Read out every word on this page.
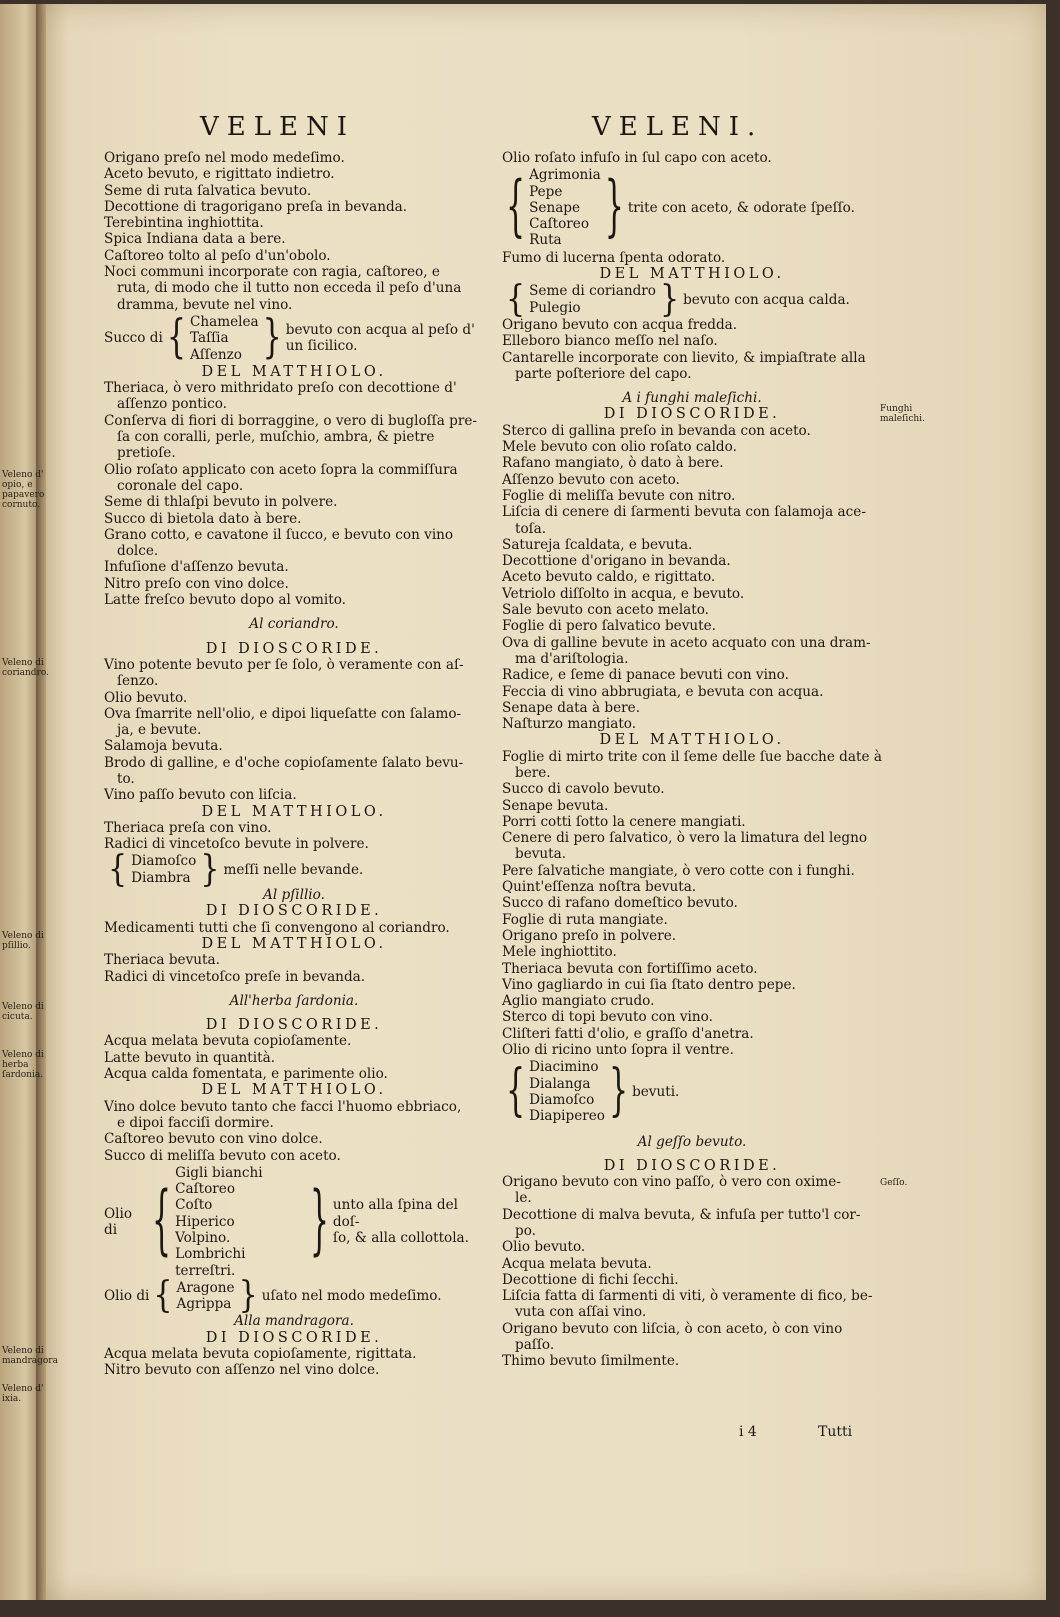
VELENI	VELENI.
Origano preſo nel modo medeſimo.
Aceto bevuto, e rigittato indietro.
Seme di ruta ſalvatica bevuto.
Decottione di tragorigano preſa in bevanda.
Terebintina inghiottita.
Spica Indiana data a bere.
Caſtoreo tolto al peſo d'un'obolo.
Noci communi incorporate con ragia, caſtoreo, e
ruta, di modo che il tutto non ecceda il peſo d'una
dramma, bevute nel vino.
Succo di { Chamelea
Taſſia
Aſſenzo } bevuto con acqua al peſo d'
un ſicilico.
DEL MATTHIOLO.
Theriaca, ò vero mithridato preſo con decottione d'
aſſenzo pontico.
Conſerva di fiori di borraggine, o vero di bugloſſa pre-
ſa con coralli, perle, muſchio, ambra, & pietre
pretioſe.
Olio roſato applicato con aceto ſopra la commiſſura
coronale del capo.
Seme di thlaſpi bevuto in polvere.
Succo di bietola dato à bere.
Grano cotto, e cavatone il ſucco, e bevuto con vino
dolce.
Infuſione d'aſſenzo bevuta.
Nitro preſo con vino dolce.
Latte freſco bevuto dopo al vomito.
Al coriandro.
DI DIOSCORIDE.
Vino potente bevuto per ſe ſolo, ò veramente con aſ-
ſenzo.
Olio bevuto.
Ova ſmarrite nell'olio, e dipoi liqueſatte con ſalamo-
ja, e bevute.
Salamoja bevuta.
Brodo di galline, e d'oche copioſamente ſalato bevu-
to.
Vino paſſo bevuto con liſcia.
DEL MATTHIOLO.
Theriaca preſa con vino.
Radici di vincetoſco bevute in polvere.
{ Diamoſco
Diambra } meſſi nelle bevande.
Al pſillio.
DI DIOSCORIDE.
Medicamenti tutti che ſi convengono al coriandro.
DEL MATTHIOLO.
Theriaca bevuta.
Radici di vincetoſco preſe in bevanda.
All'herba ſardonia.
DI DIOSCORIDE.
Acqua melata bevuta copioſamente.
Latte bevuto in quantità.
Acqua calda fomentata, e parimente olio.
DEL MATTHIOLO.
Vino dolce bevuto tanto che facci l'huomo ebbriaco,
e dipoi facciſi dormire.
Caſtoreo bevuto con vino dolce.
Succo di meliſſa bevuto con aceto.
Olio di	{
Gigli bianchi
Caſtoreo
Coſto
Hiperico
Volpino.
Lombrichi terreſtri.
} unto alla ſpina del doſ-
ſo, & alla collottola.
Olio di { Aragone
Agrippa } uſato nel modo medeſimo.
Alla mandragora.
DI DIOSCORIDE.
Acqua melata bevuta copioſamente, rigittata.
Nitro bevuto con aſſenzo nel vino dolce.
Olio roſato infuſo in ſul capo con aceto.
{ Agrimonia
Pepe
Senape
Caſtoreo
Ruta	} trite con aceto, & odorate ſpeſſo.
Fumo di lucerna ſpenta odorato.
DEL MATTHIOLO.
{ Seme di coriandro
Pulegio	} bevuto con acqua calda.
Origano bevuto con acqua fredda.
Elleboro bianco meſſo nel naſo.
Cantarelle incorporate con lievito, & impiaſtrate alla
parte poſteriore del capo.
A i funghi maleſichi.
DI DIOSCORIDE.
Sterco di gallina preſo in bevanda con aceto.
Mele bevuto con olio roſato caldo.
Rafano mangiato, ò dato à bere.
Aſſenzo bevuto con aceto.
Foglie di meliſſa bevute con nitro.
Liſcia di cenere di ſarmenti bevuta con ſalamoja ace-
toſa.
Satureja ſcaldata, e bevuta.
Decottione d'origano in bevanda.
Aceto bevuto caldo, e rigittato.
Vetriolo diſſolto in acqua, e bevuto.
Sale bevuto con aceto melato.
Foglie di pero ſalvatico bevute.
Ova di galline bevute in aceto acquato con una dram-
ma d'ariſtologia.
Radice, e ſeme di panace bevuti con vino.
Feccia di vino abbrugiata, e bevuta con acqua.
Senape data à bere.
Naſturzo mangiato.
DEL MATTHIOLO.
Foglie di mirto trite con il ſeme delle ſue bacche date à
bere.
Succo di cavolo bevuto.
Senape bevuta.
Porri cotti ſotto la cenere mangiati.
Cenere di pero ſalvatico, ò vero la limatura del legno
bevuta.
Pere ſalvatiche mangiate, ò vero cotte con i funghi.
Quint'eſſenza noſtra bevuta.
Succo di rafano domeſtico bevuto.
Foglie di ruta mangiate.
Origano preſo in polvere.
Mele inghiottito.
Theriaca bevuta con fortiſſimo aceto.
Vino gagliardo in cui ſia ſtato dentro pepe.
Aglio mangiato crudo.
Sterco di topi bevuto con vino.
Cliſteri fatti d'olio, e graſſo d'anetra.
Olio di ricino unto ſopra il ventre.
{ Diacimino
Dialanga
Diamoſco
Diapipereo } bevuti.
Al geſſo bevuto.
DI DIOSCORIDE.
Origano bevuto con vino paſſo, ò vero con oxime-
le.
Decottione di malva bevuta, & infuſa per tutto'l cor-
po.
Olio bevuto.
Acqua melata bevuta.
Decottione di fichi ſecchi.
Liſcia fatta di ſarmenti di viti, ò veramente di fico, be-
vuta con aſſai vino.
Origano bevuto con liſcia, ò con aceto, ò con vino
paſſo.
Thimo bevuto ſimilmente.
Veleno d' opio, e papavero cornuto.
Veleno di coriandro.
Veleno di pſillio.
Veleno di cicuta.
Veleno di herba ſardonia.
Veleno di mandragora
Veleno d' ixia.
Funghi maleſichi.
Geſſo.
i 4	Tutti
